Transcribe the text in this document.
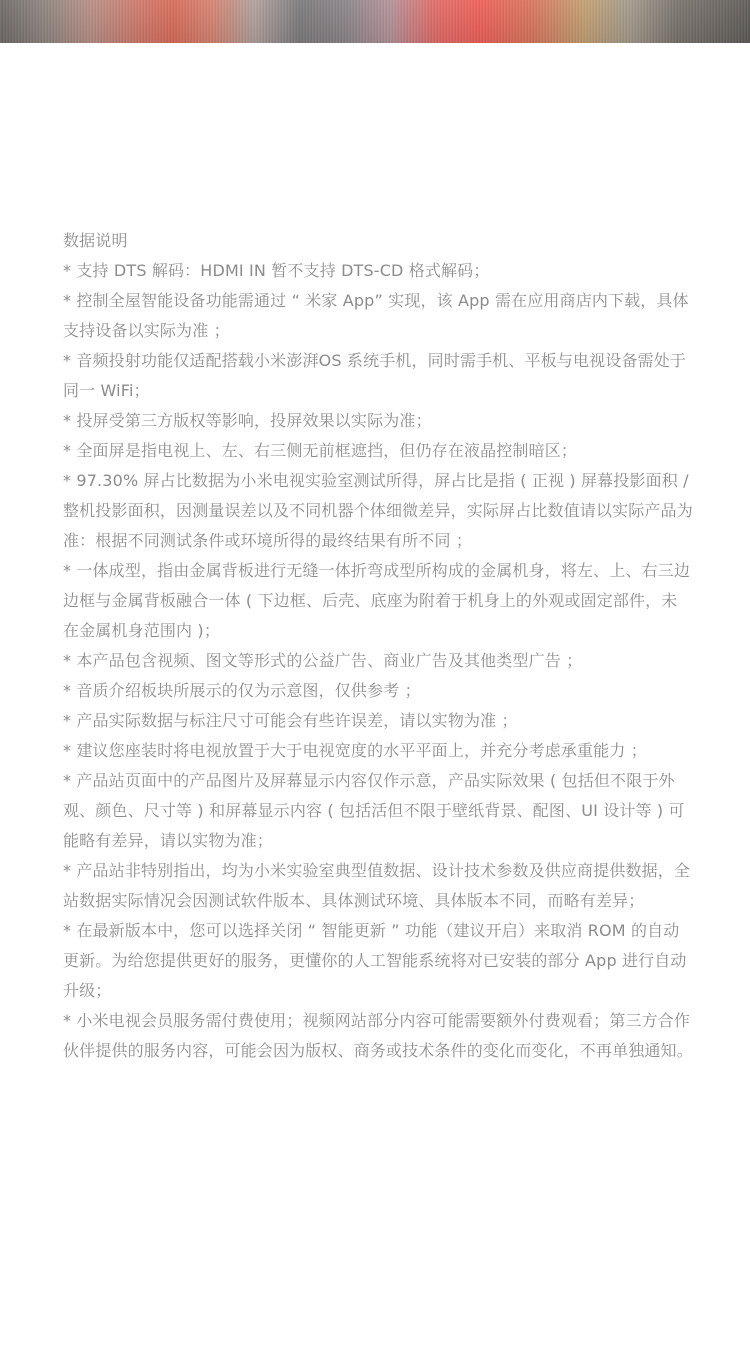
数据说明
* 支持 DTS 解码：HDMI IN 暂不支持 DTS-CD 格式解码；
* 控制全屋智能设备功能需通过 “ 米家 App” 实现，该 App 需在应用商店内下载，具体支持设备以实际为准 ；
* 音频投射功能仅适配搭载小米澎湃OS 系统手机，同时需手机、平板与电视设备需处于同一 WiFi；
* 投屏受第三方版权等影响，投屏效果以实际为准；
* 全面屏是指电视上、左、右三侧无前框遮挡，但仍存在液晶控制暗区；
* 97.30% 屏占比数据为小米电视实验室测试所得，屏占比是指 ( 正视 ) 屏幕投影面积 / 整机投影面积，因测量误差以及不同机器个体细微差异，实际屏占比数值请以实际产品为准：根据不同测试条件或环境所得的最终结果有所不同 ；
* 一体成型，指由金属背板进行无缝一体折弯成型所构成的金属机身，将左、上、右三边边框与金属背板融合一体 ( 下边框、后壳、底座为附着于机身上的外观或固定部件，未在金属机身范围内 )；
* 本产品包含视频、图文等形式的公益广告、商业广告及其他类型广告 ；
* 音质介绍板块所展示的仅为示意图，仅供参考 ；
* 产品实际数据与标注尺寸可能会有些许误差，请以实物为准 ；
* 建议您座装时将电视放置于大于电视宽度的水平平面上，并充分考虑承重能力 ；
* 产品站页面中的产品图片及屏幕显示内容仅作示意，产品实际效果 ( 包括但不限于外观、颜色、尺寸等 ) 和屏幕显示内容 ( 包括活但不限于壁纸背景、配图、UI 设计等 ) 可能略有差异，请以实物为准；
* 产品站非特别指出，均为小米实验室典型值数据、设计技术参数及供应商提供数据，全站数据实际情况会因测试软件版本、具体测试环境、具体版本不同，而略有差异；
* 在最新版本中，您可以选择关闭 “ 智能更新 ” 功能（建议开启）来取消 ROM 的自动更新。为给您提供更好的服务，更懂你的人工智能系统将对已安装的部分 App 进行自动升级；
* 小米电视会员服务需付费使用；视频网站部分内容可能需要额外付费观看；第三方合作伙伴提供的服务内容，可能会因为版权、商务或技术条件的变化而变化，不再单独通知。
